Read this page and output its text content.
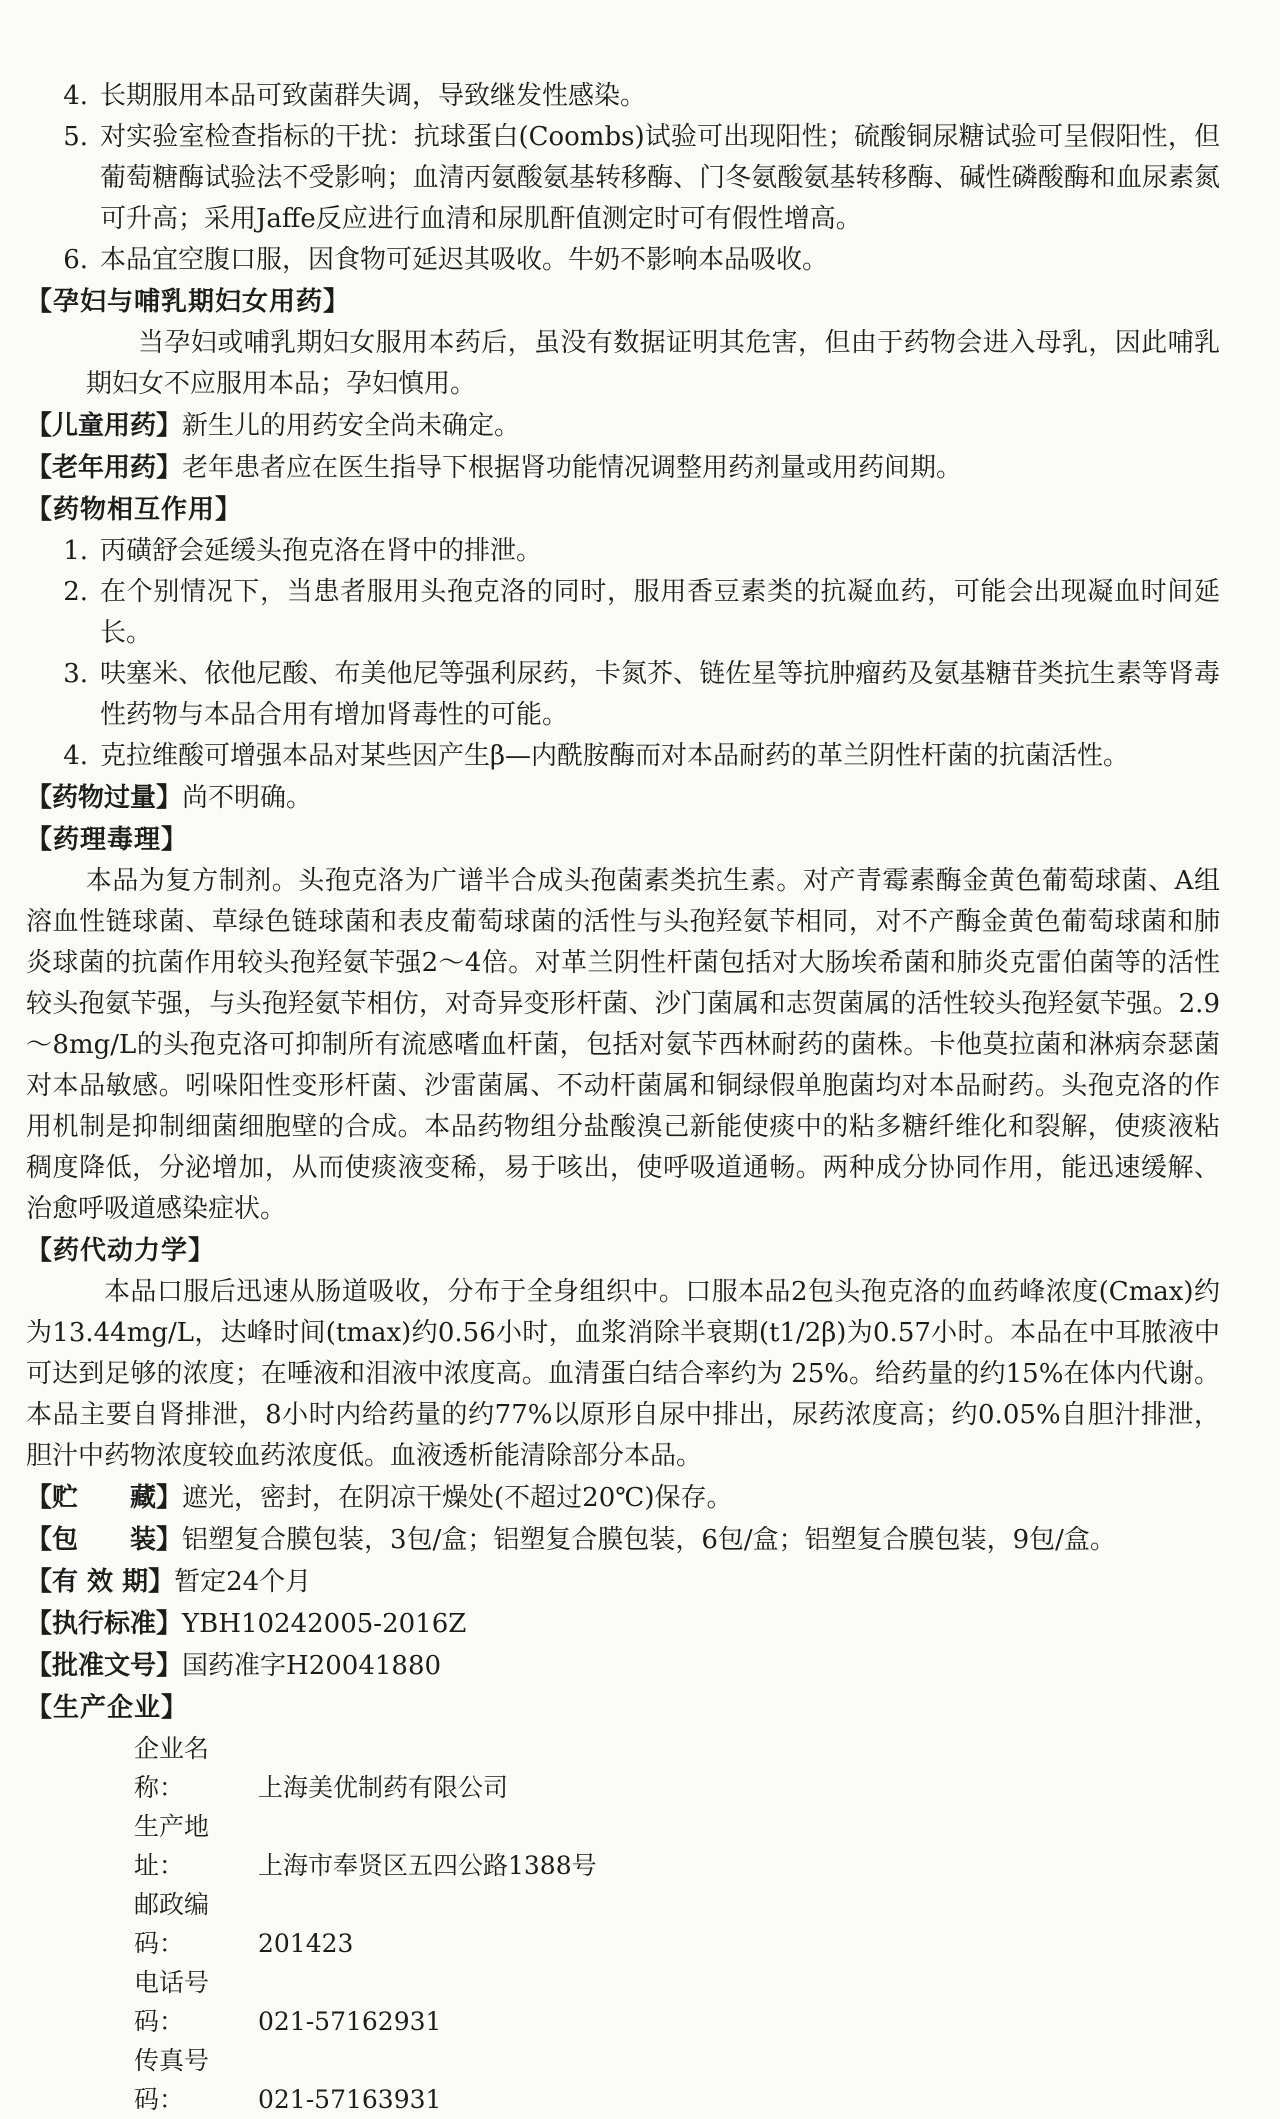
4. 长期服用本品可致菌群失调，导致继发性感染。
5. 对实验室检查指标的干扰：抗球蛋白(Coombs)试验可出现阳性；硫酸铜尿糖试验可呈假阳性，但葡萄糖酶试验法不受影响；血清丙氨酸氨基转移酶、门冬氨酸氨基转移酶、碱性磷酸酶和血尿素氮可升高；采用Jaffe反应进行血清和尿肌酐值测定时可有假性增高。
6. 本品宜空腹口服，因食物可延迟其吸收。牛奶不影响本品吸收。
【孕妇与哺乳期妇女用药】
当孕妇或哺乳期妇女服用本药后，虽没有数据证明其危害，但由于药物会进入母乳，因此哺乳期妇女不应服用本品；孕妇慎用。
【儿童用药】新生儿的用药安全尚未确定。
【老年用药】老年患者应在医生指导下根据肾功能情况调整用药剂量或用药间期。
【药物相互作用】
1. 丙磺舒会延缓头孢克洛在肾中的排泄。
2. 在个别情况下，当患者服用头孢克洛的同时，服用香豆素类的抗凝血药，可能会出现凝血时间延长。
3. 呋塞米、依他尼酸、布美他尼等强利尿药，卡氮芥、链佐星等抗肿瘤药及氨基糖苷类抗生素等肾毒性药物与本品合用有增加肾毒性的可能。
4. 克拉维酸可增强本品对某些因产生β—内酰胺酶而对本品耐药的革兰阴性杆菌的抗菌活性。
【药物过量】尚不明确。
【药理毒理】
本品为复方制剂。头孢克洛为广谱半合成头孢菌素类抗生素。对产青霉素酶金黄色葡萄球菌、A组溶血性链球菌、草绿色链球菌和表皮葡萄球菌的活性与头孢羟氨苄相同，对不产酶金黄色葡萄球菌和肺炎球菌的抗菌作用较头孢羟氨苄强2～4倍。对革兰阴性杆菌包括对大肠埃希菌和肺炎克雷伯菌等的活性较头孢氨苄强，与头孢羟氨苄相仿，对奇异变形杆菌、沙门菌属和志贺菌属的活性较头孢羟氨苄强。2.9～8mg/L的头孢克洛可抑制所有流感嗜血杆菌，包括对氨苄西林耐药的菌株。卡他莫拉菌和淋病奈瑟菌对本品敏感。吲哚阳性变形杆菌、沙雷菌属、不动杆菌属和铜绿假单胞菌均对本品耐药。头孢克洛的作用机制是抑制细菌细胞壁的合成。本品药物组分盐酸溴己新能使痰中的粘多糖纤维化和裂解，使痰液粘稠度降低，分泌增加，从而使痰液变稀，易于咳出，使呼吸道通畅。两种成分协同作用，能迅速缓解、治愈呼吸道感染症状。
【药代动力学】
本品口服后迅速从肠道吸收，分布于全身组织中。口服本品2包头孢克洛的血药峰浓度(Cmax)约为13.44mg/L，达峰时间(tmax)约0.56小时，血浆消除半衰期(t1/2β)为0.57小时。本品在中耳脓液中可达到足够的浓度；在唾液和泪液中浓度高。血清蛋白结合率约为 25%。给药量的约15%在体内代谢。本品主要自肾排泄，8小时内给药量的约77%以原形自尿中排出，尿药浓度高；约0.05%自胆汁排泄，胆汁中药物浓度较血药浓度低。血液透析能清除部分本品。
【贮　　藏】遮光，密封，在阴凉干燥处(不超过20℃)保存。
【包　　装】铝塑复合膜包装，3包/盒；铝塑复合膜包装，6包/盒；铝塑复合膜包装，9包/盒。
【有 效 期】暂定24个月
【执行标准】YBH10242005-2016Z
【批准文号】国药准字H20041880
【生产企业】
企业名称：	上海美优制药有限公司
生产地址：	上海市奉贤区五四公路1388号
邮政编码：	201423
电话号码：	021-57162931
传真号码：	021-57163931
